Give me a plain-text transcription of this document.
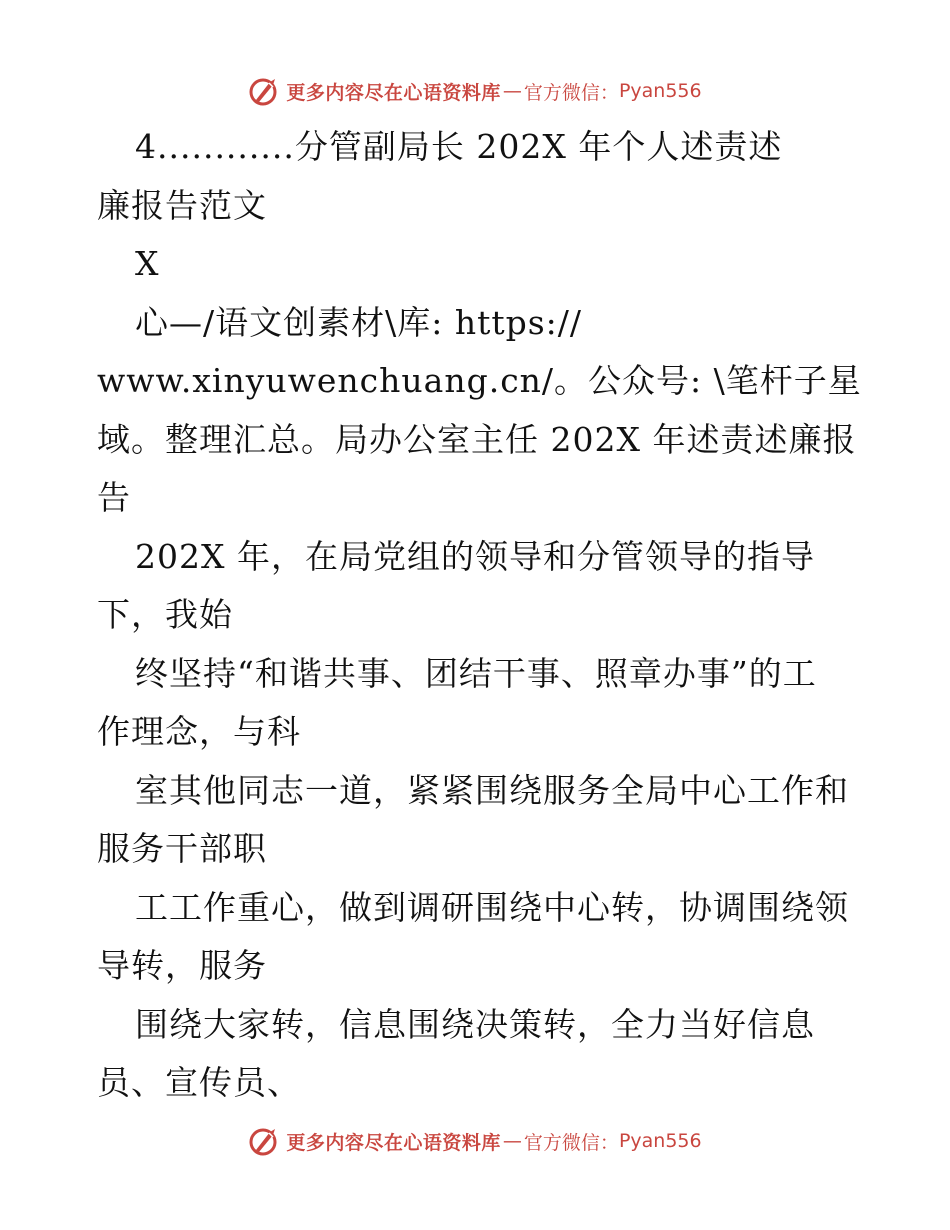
更多内容尽在心语资料库 — 官方微信： Pyan556
4............分管副局长 202X 年个人述责述
廉报告范文
X
心—/语文创素材\库: https://
www.xinyuwenchuang.cn/。公众号: \笔杆子星
域。整理汇总。局办公室主任 202X 年述责述廉报
告
202X 年，在局党组的领导和分管领导的指导
下，我始
终坚持“和谐共事、团结干事、照章办事”的工
作理念，与科
室其他同志一道，紧紧围绕服务全局中心工作和
服务干部职
工工作重心，做到调研围绕中心转，协调围绕领
导转，服务
围绕大家转，信息围绕决策转，全力当好信息
员、宣传员、
更多内容尽在心语资料库 — 官方微信： Pyan556
